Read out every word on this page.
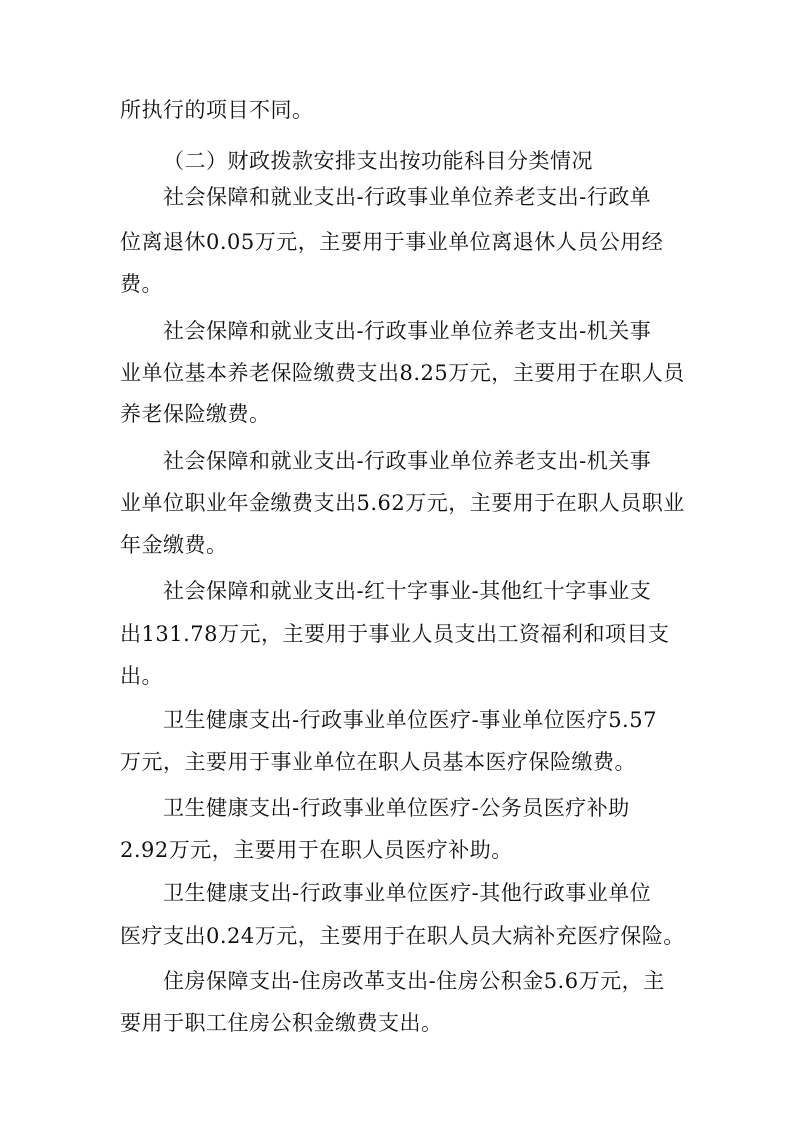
所执行的项目不同。
（二）财政拨款安排支出按功能科目分类情况
社会保障和就业支出-行政事业单位养老支出-行政单
位离退休0.05万元，主要用于事业单位离退休人员公用经
费。
社会保障和就业支出-行政事业单位养老支出-机关事
业单位基本养老保险缴费支出8.25万元，主要用于在职人员
养老保险缴费。
社会保障和就业支出-行政事业单位养老支出-机关事
业单位职业年金缴费支出5.62万元，主要用于在职人员职业
年金缴费。
社会保障和就业支出-红十字事业-其他红十字事业支
出131.78万元，主要用于事业人员支出工资福利和项目支
出。
卫生健康支出-行政事业单位医疗-事业单位医疗5.57
万元，主要用于事业单位在职人员基本医疗保险缴费。
卫生健康支出-行政事业单位医疗-公务员医疗补助
2.92万元，主要用于在职人员医疗补助。
卫生健康支出-行政事业单位医疗-其他行政事业单位
医疗支出0.24万元，主要用于在职人员大病补充医疗保险。
住房保障支出-住房改革支出-住房公积金5.6万元，主
要用于职工住房公积金缴费支出。
